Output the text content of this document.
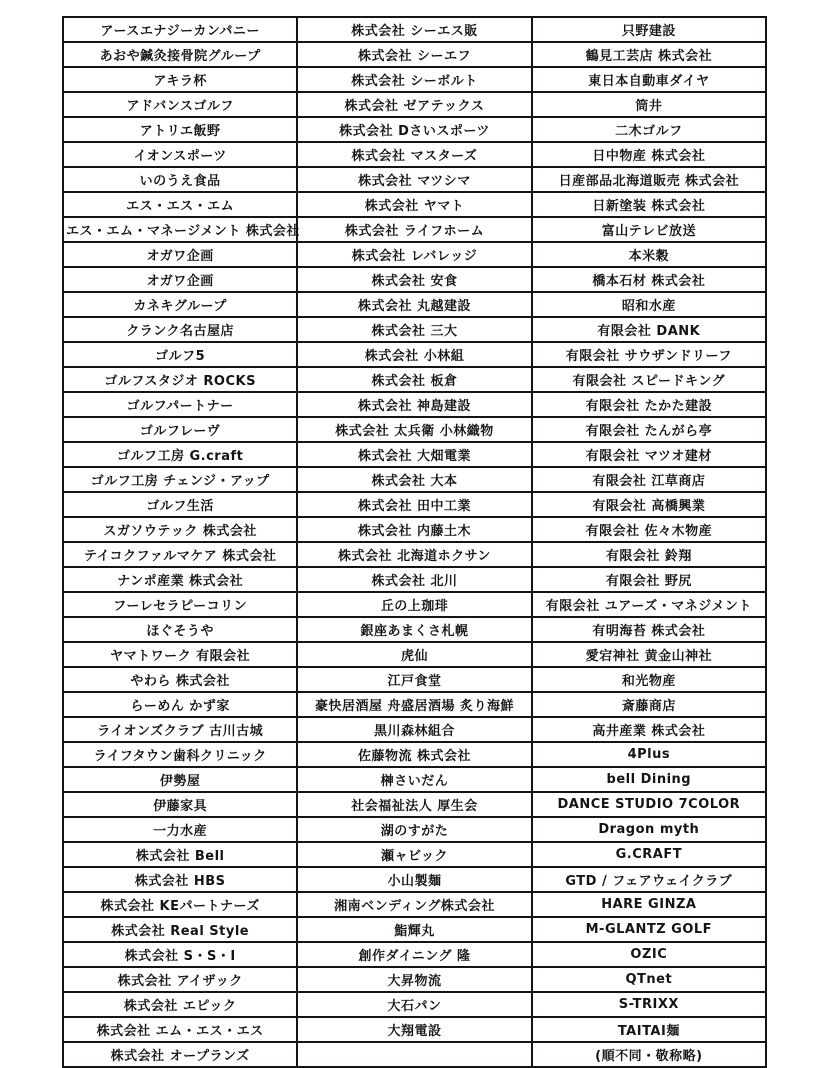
アースエナジーカンパニー	株式会社 シーエス販	只野建設
あおや鍼灸接骨院グループ	株式会社 シーエフ	鶴見工芸店 株式会社
アキラ杯	株式会社 シーボルト	東日本自動車ダイヤ
アドバンスゴルフ	株式会社 ゼアテックス	筒井
アトリエ飯野	株式会社 Dさいスポーツ	二木ゴルフ
イオンスポーツ	株式会社 マスターズ	日中物産 株式会社
いのうえ食品	株式会社 マツシマ	日産部品北海道販売 株式会社
エス・エス・エム	株式会社 ヤマト	日新塗装 株式会社
エス・エム・マネージメント 株式会社	株式会社 ライフホーム	富山テレビ放送
オガワ企画	株式会社 レバレッジ	本米穀
オガワ企画	株式会社 安食	橋本石材 株式会社
カネキグループ	株式会社 丸越建設	昭和水産
クランク名古屋店	株式会社 三大	有限会社 DANK
ゴルフ5	株式会社 小林組	有限会社 サウザンドリーフ
ゴルフスタジオ ROCKS	株式会社 板倉	有限会社 スピードキング
ゴルフパートナー	株式会社 神島建設	有限会社 たかた建設
ゴルフレーヴ	株式会社 太兵衛 小林織物	有限会社 たんがら亭
ゴルフ工房 G.craft	株式会社 大畑電業	有限会社 マツオ建材
ゴルフ工房 チェンジ・アップ	株式会社 大本	有限会社 江草商店
ゴルフ生活	株式会社 田中工業	有限会社 高橋興業
スガソウテック 株式会社	株式会社 内藤土木	有限会社 佐々木物産
テイコクファルマケア 株式会社	株式会社 北海道ホクサン	有限会社 鈴翔
ナンポ産業 株式会社	株式会社 北川	有限会社 野尻
フーレセラピーコリン	丘の上珈琲	有限会社 ユアーズ・マネジメント
ほぐそうや	銀座あまくさ札幌	有明海苔 株式会社
ヤマトワーク 有限会社	虎仙	愛宕神社 黄金山神社
やわら 株式会社	江戸食堂	和光物産
らーめん かず家	豪快居酒屋 舟盛居酒場 炙り海鮮	斎藤商店
ライオンズクラブ 古川古城	黒川森林組合	高井産業 株式会社
ライフタウン歯科クリニック	佐藤物流 株式会社	4Plus
伊勢屋	榊さいだん	bell Dining
伊藤家具	社会福祉法人 厚生会	DANCE STUDIO 7COLOR
一力水産	湖のすがた	Dragon myth
株式会社 Bell	瀬ャビック	G.CRAFT
株式会社 HBS	小山製麺	GTD / フェアウェイクラブ
株式会社 KEパートナーズ	湘南ベンディング株式会社	HARE GINZA
株式会社 Real Style	鮨輝丸	M-GLANTZ GOLF
株式会社 S・S・I	創作ダイニング 隆	OZIC
株式会社 アイザック	大昇物流	QTnet
株式会社 エピック	大石パン	S-TRIXX
株式会社 エム・エス・エス	大翔電設	TAITAI麺
株式会社 オープランズ		(順不同・敬称略)
